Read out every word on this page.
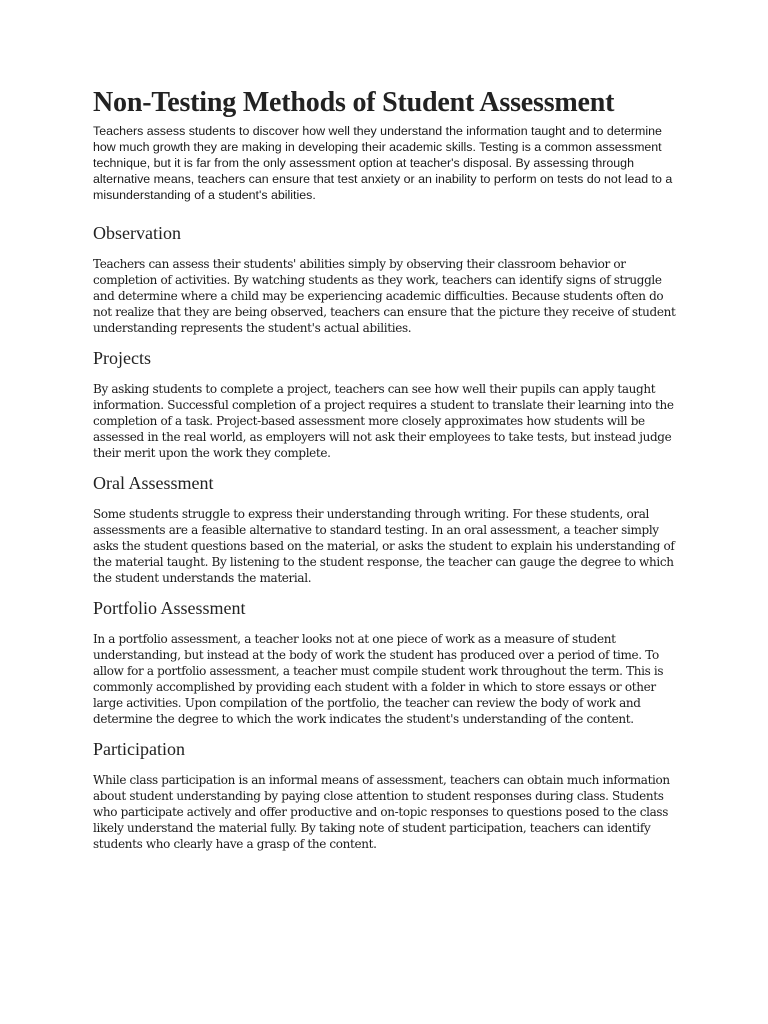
Non-Testing Methods of Student Assessment

Teachers assess students to discover how well they understand the information taught and to determine how much growth they are making in developing their academic skills. Testing is a common assessment technique, but it is far from the only assessment option at teacher's disposal. By assessing through alternative means, teachers can ensure that test anxiety or an inability to perform on tests do not lead to a misunderstanding of a student's abilities.

Observation

Teachers can assess their students' abilities simply by observing their classroom behavior or completion of activities. By watching students as they work, teachers can identify signs of struggle and determine where a child may be experiencing academic difficulties. Because students often do not realize that they are being observed, teachers can ensure that the picture they receive of student understanding represents the student's actual abilities.

Projects

By asking students to complete a project, teachers can see how well their pupils can apply taught information. Successful completion of a project requires a student to translate their learning into the completion of a task. Project-based assessment more closely approximates how students will be assessed in the real world, as employers will not ask their employees to take tests, but instead judge their merit upon the work they complete.

Oral Assessment

Some students struggle to express their understanding through writing. For these students, oral assessments are a feasible alternative to standard testing. In an oral assessment, a teacher simply asks the student questions based on the material, or asks the student to explain his understanding of the material taught. By listening to the student response, the teacher can gauge the degree to which the student understands the material.

Portfolio Assessment

In a portfolio assessment, a teacher looks not at one piece of work as a measure of student understanding, but instead at the body of work the student has produced over a period of time. To allow for a portfolio assessment, a teacher must compile student work throughout the term. This is commonly accomplished by providing each student with a folder in which to store essays or other large activities. Upon compilation of the portfolio, the teacher can review the body of work and determine the degree to which the work indicates the student's understanding of the content.

Participation

While class participation is an informal means of assessment, teachers can obtain much information about student understanding by paying close attention to student responses during class. Students who participate actively and offer productive and on-topic responses to questions posed to the class likely understand the material fully. By taking note of student participation, teachers can identify students who clearly have a grasp of the content.
